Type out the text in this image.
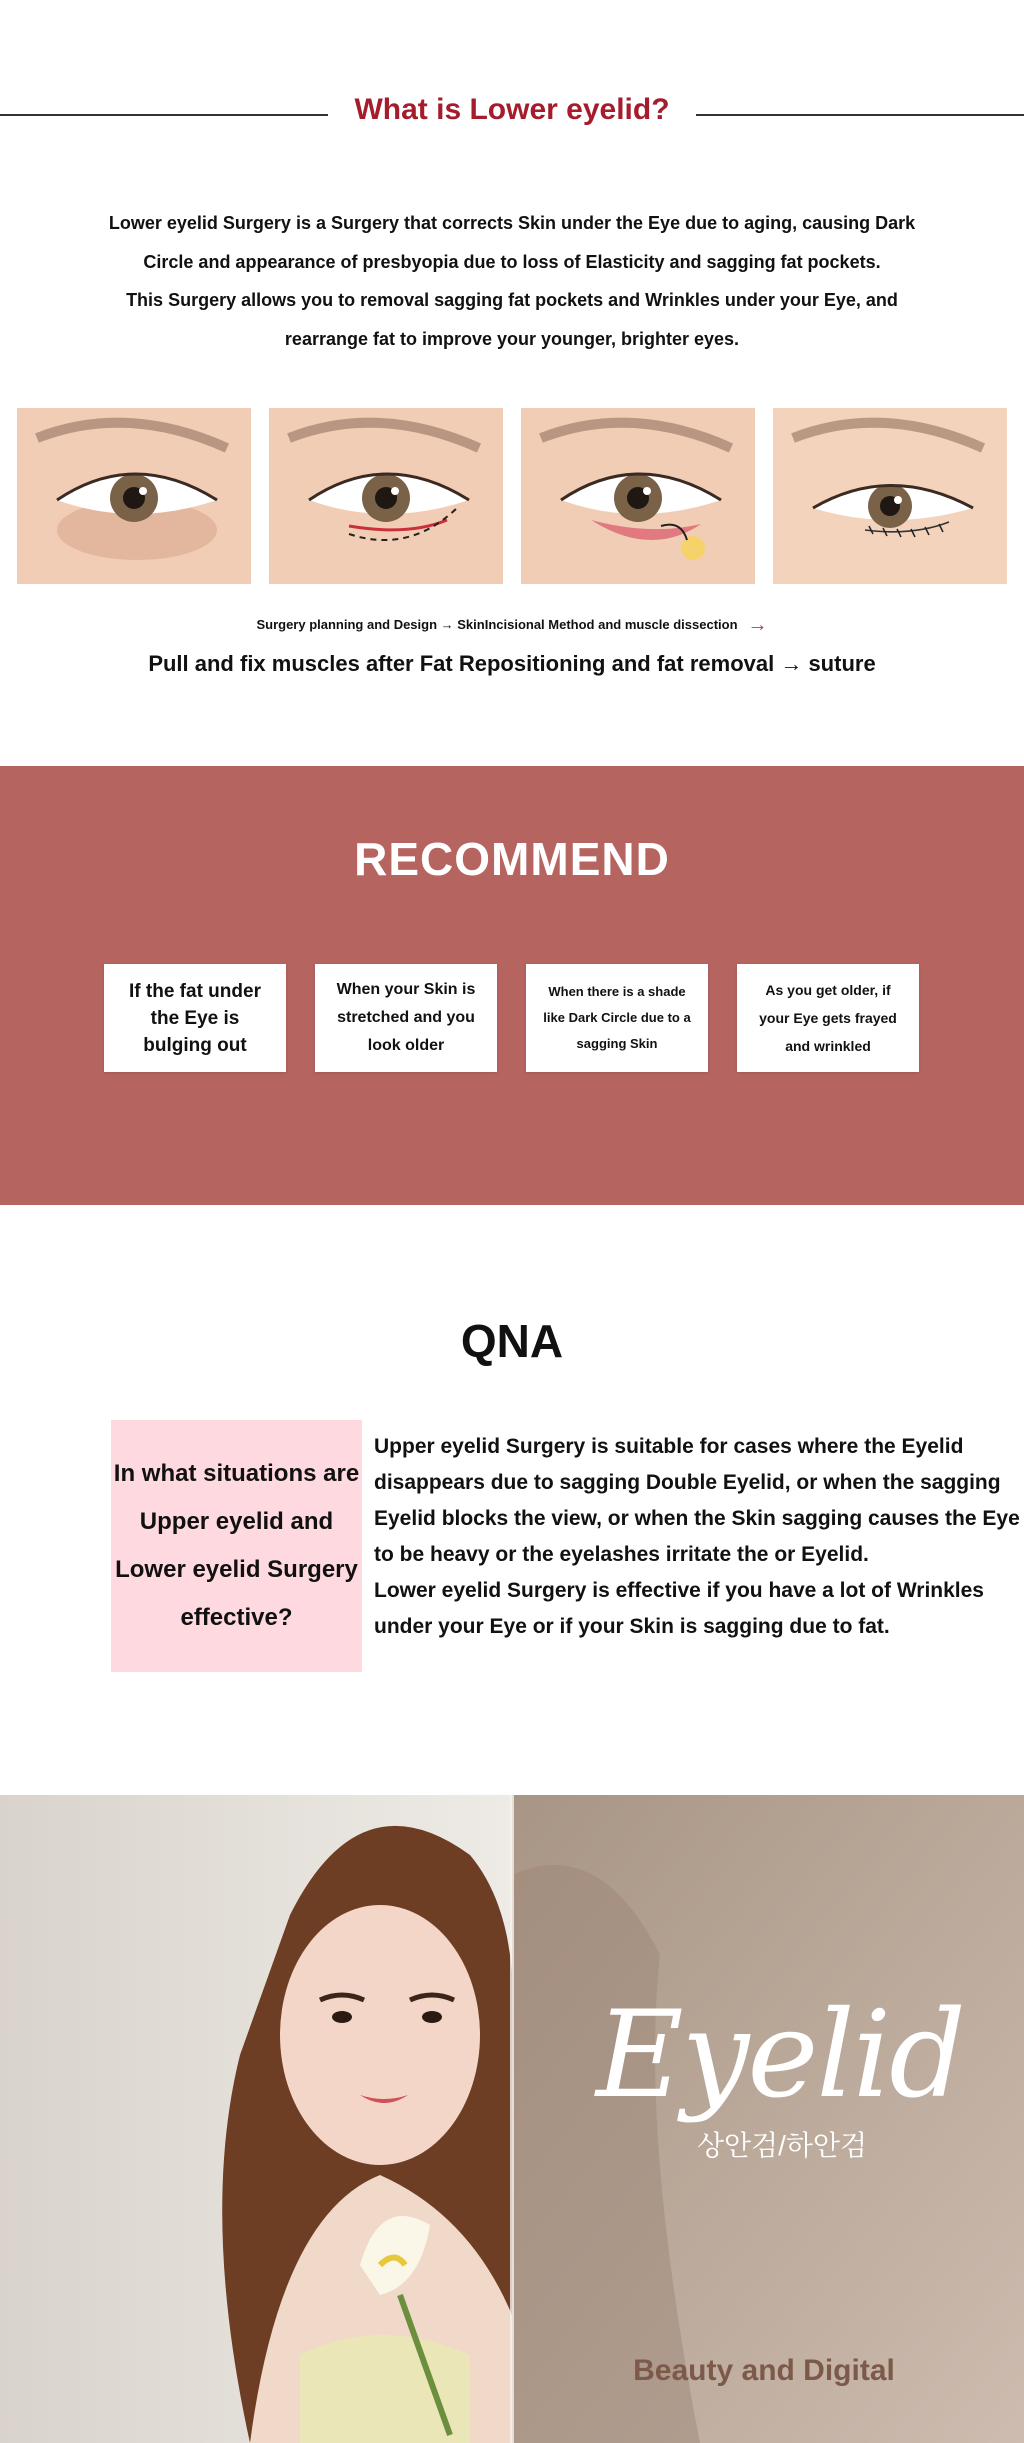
What is Lower eyelid?

Lower eyelid Surgery is a Surgery that corrects Skin under the Eye due to aging, causing Dark

Circle and appearance of presbyopia due to loss of Elasticity and sagging fat pockets.

This Surgery allows you to removal sagging fat pockets and Wrinkles under your Eye, and

rearrange fat to improve your younger, brighter eyes.

Surgery planning and Design → SkinIncisional Method and muscle dissection →
Pull and fix muscles after Fat Repositioning and fat removal → suture
RECOMMEND
If the fat under the Eye is bulging out
When your Skin is stretched and you look older
When there is a shade like Dark Circle due to a sagging Skin
As you get older, if your Eye gets frayed and wrinkled
QNA
In what situations are Upper eyelid and Lower eyelid Surgery effective?

Upper eyelid Surgery is suitable for cases where the Eyelid disappears due to sagging Double Eyelid, or when the sagging Eyelid blocks the view, or when the Skin sagging causes the Eye to be heavy or the eyelashes irritate the or Eyelid.

Lower eyelid Surgery is effective if you have a lot of Wrinkles under your Eye or if your Skin is sagging due to fat.

Eyelid
상안검/하안검
Beauty and Digital
